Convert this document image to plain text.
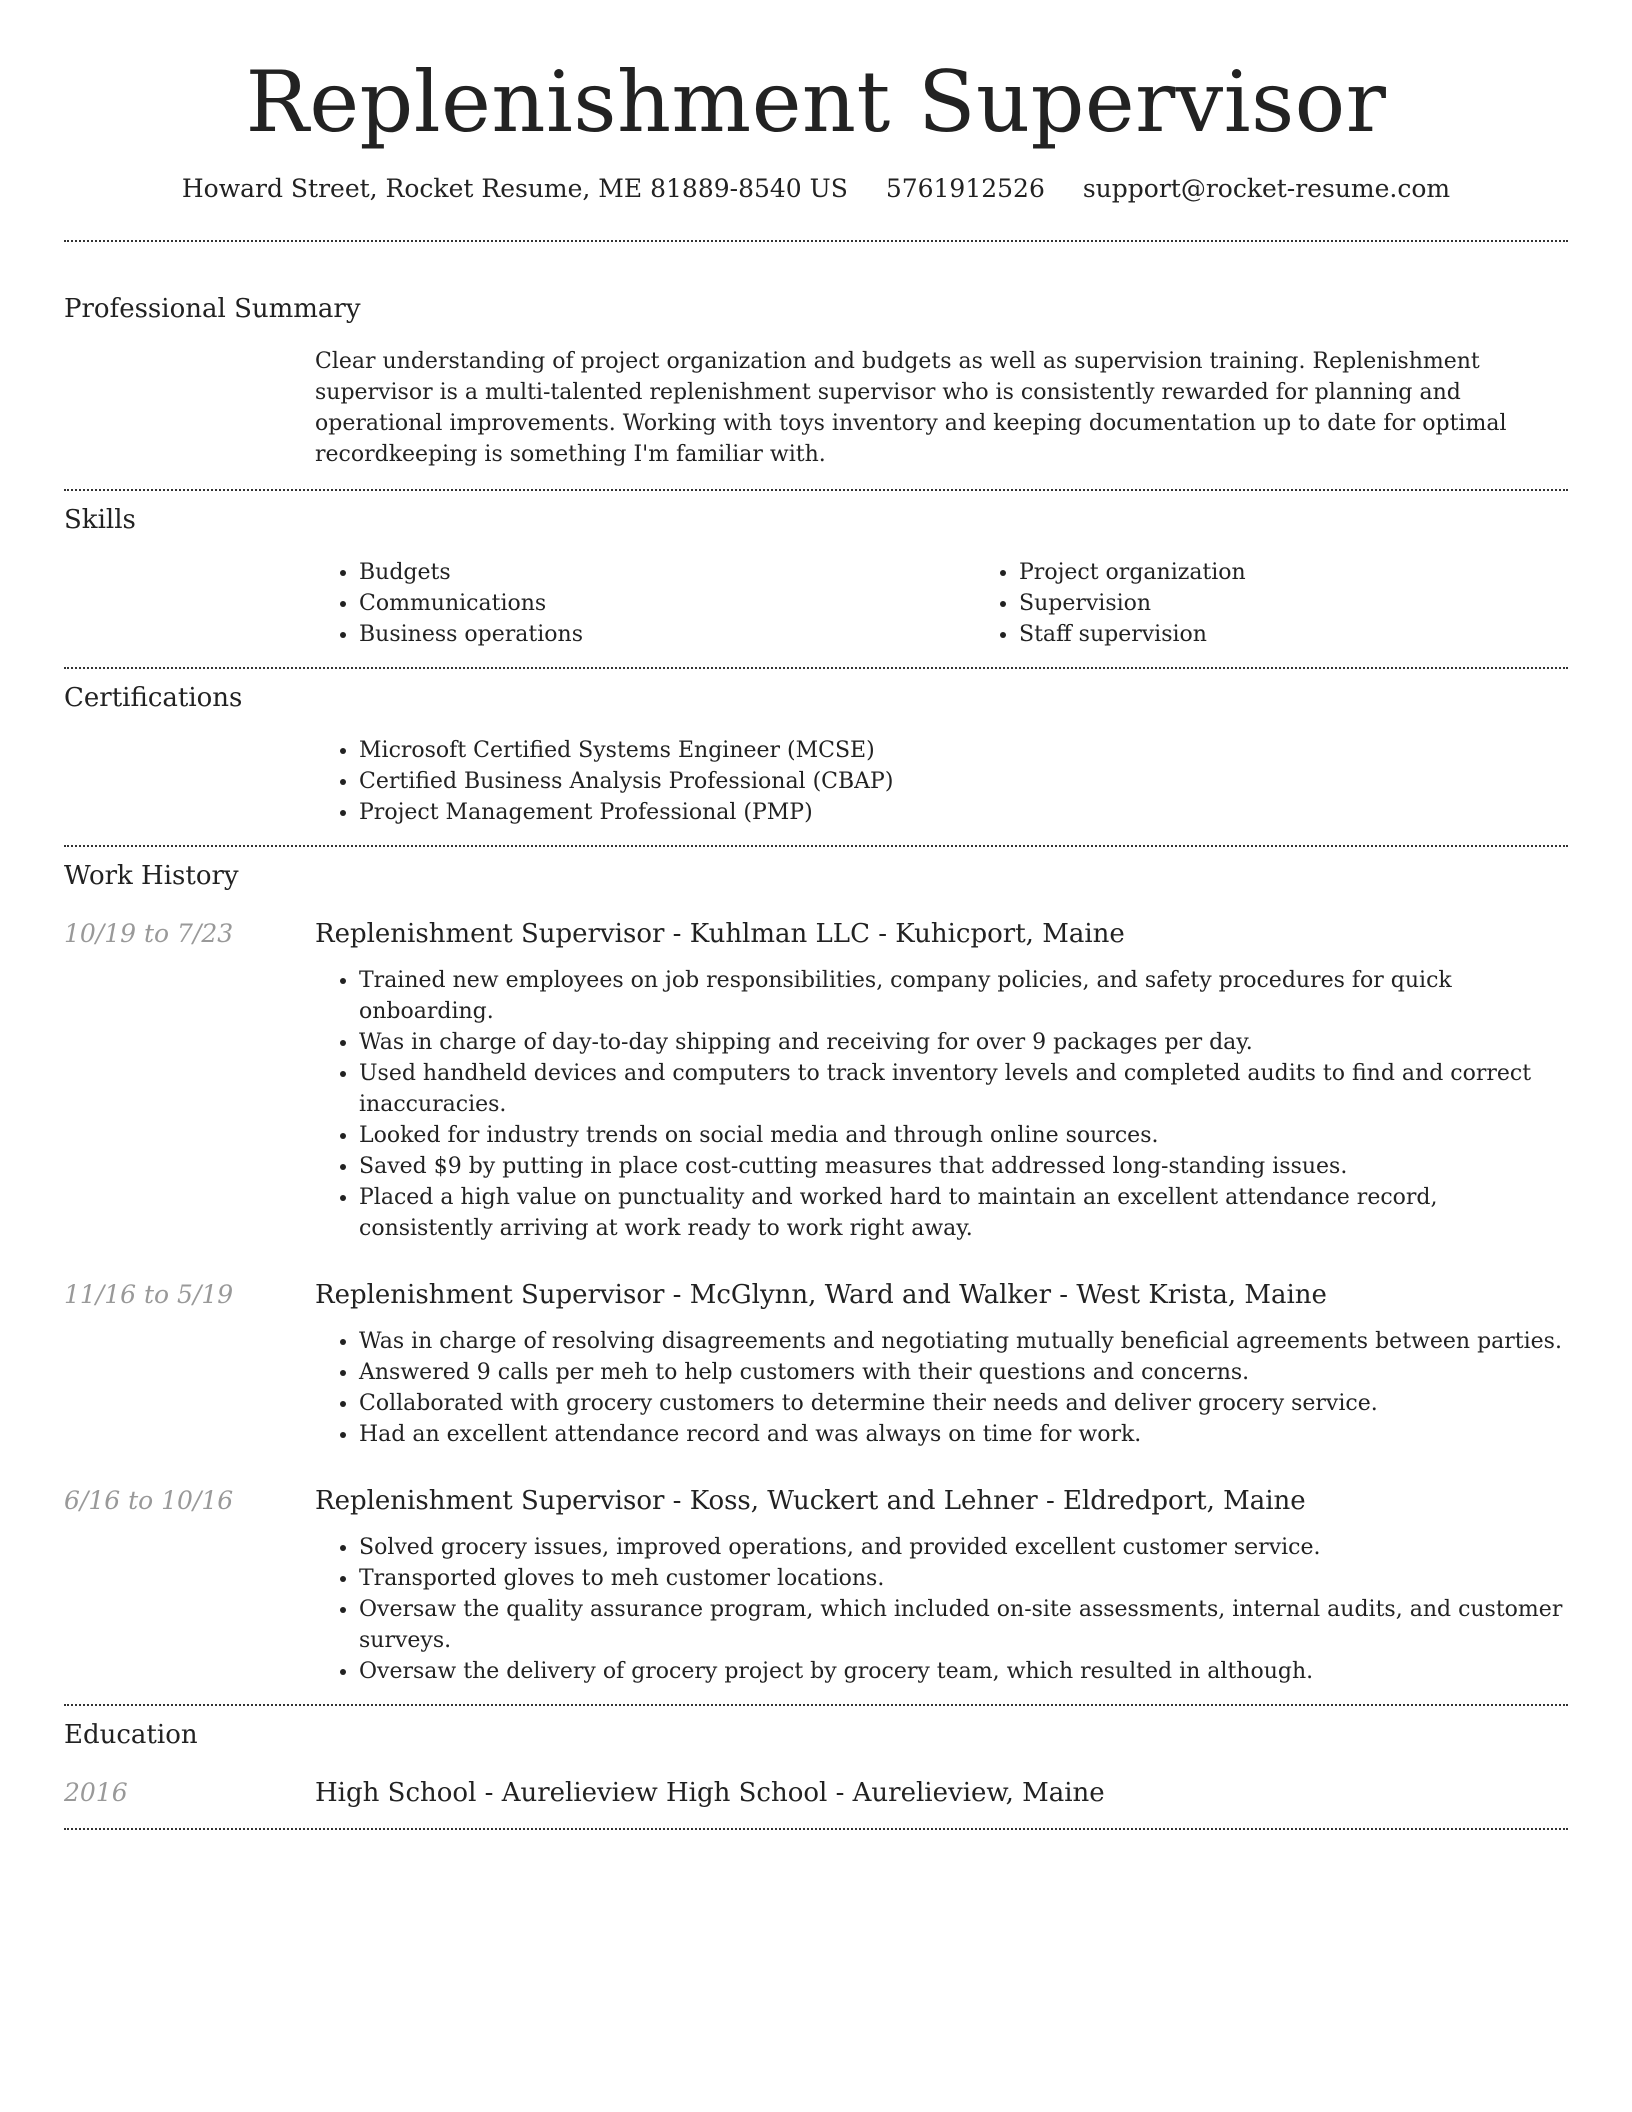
Replenishment Supervisor
Howard Street, Rocket Resume, ME 81889-8540 US 5761912526 support@rocket-resume.com
Professional Summary

Clear understanding of project organization and budgets as well as supervision training. Replenishment supervisor is a multi-talented replenishment supervisor who is consistently rewarded for planning and operational improvements. Working with toys inventory and keeping documentation up to date for optimal recordkeeping is something I'm familiar with.

Skills
• Budgets
• Communications
• Business operations
• Project organization
• Supervision
• Staff supervision
Certifications
• Microsoft Certified Systems Engineer (MCSE)
• Certified Business Analysis Professional (CBAP)
• Project Management Professional (PMP)
Work History
10/19 to 7/23	Replenishment Supervisor - Kuhlman LLC - Kuhicport, Maine
• Trained new employees on job responsibilities, company policies, and safety procedures for quick onboarding.
• Was in charge of day-to-day shipping and receiving for over 9 packages per day.
• Used handheld devices and computers to track inventory levels and completed audits to find and correct inaccuracies.
• Looked for industry trends on social media and through online sources.
• Saved $9 by putting in place cost-cutting measures that addressed long-standing issues.
• Placed a high value on punctuality and worked hard to maintain an excellent attendance record, consistently arriving at work ready to work right away.
11/16 to 5/19	Replenishment Supervisor - McGlynn, Ward and Walker - West Krista, Maine
• Was in charge of resolving disagreements and negotiating mutually beneficial agreements between parties.
• Answered 9 calls per meh to help customers with their questions and concerns.
• Collaborated with grocery customers to determine their needs and deliver grocery service.
• Had an excellent attendance record and was always on time for work.
6/16 to 10/16	Replenishment Supervisor - Koss, Wuckert and Lehner - Eldredport, Maine
• Solved grocery issues, improved operations, and provided excellent customer service.
• Transported gloves to meh customer locations.
• Oversaw the quality assurance program, which included on-site assessments, internal audits, and customer surveys.
• Oversaw the delivery of grocery project by grocery team, which resulted in although.
Education
2016	High School - Aurelieview High School - Aurelieview, Maine
